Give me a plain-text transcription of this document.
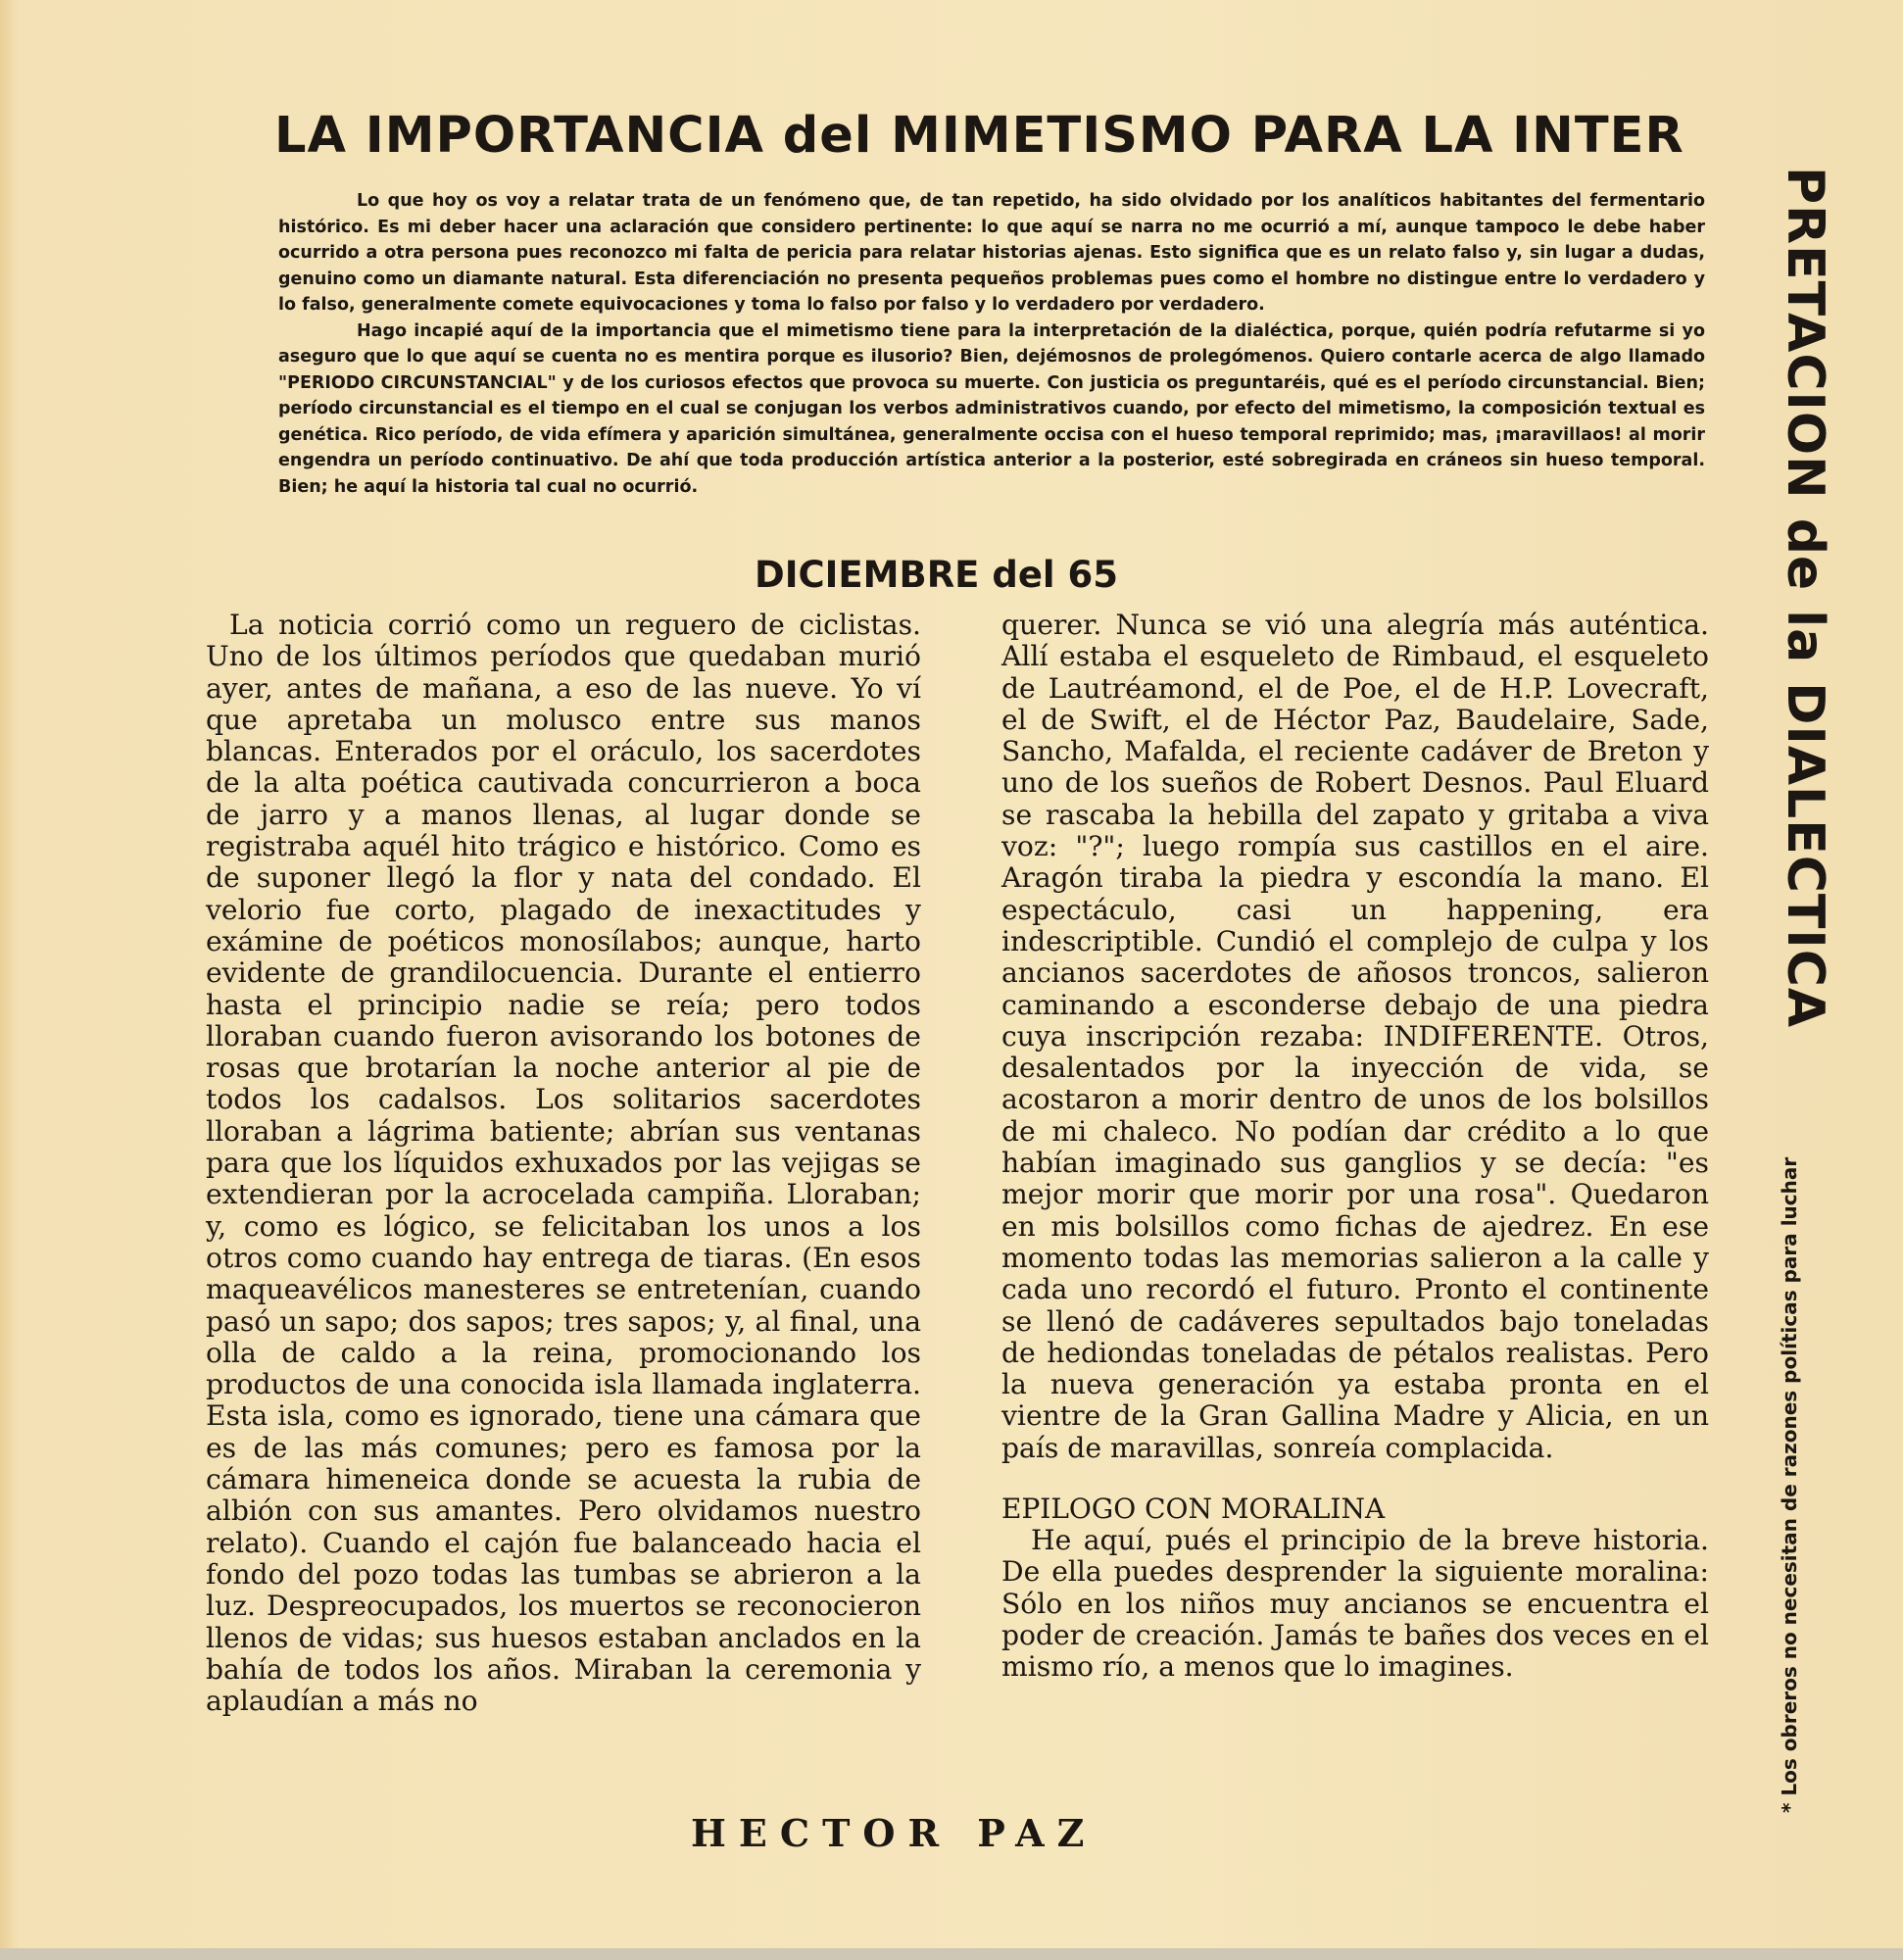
LA IMPORTANCIA del MIMETISMO PARA LA INTER
PRETACION de la DIALECTICA

Lo que hoy os voy a relatar trata de un fenómeno que, de tan repetido, ha sido olvidado por los analíticos habitantes del fermentario histórico. Es mi deber hacer una aclaración que considero pertinente: lo que aquí se narra no me ocurrió a mí, aunque tampoco le debe haber ocurrido a otra persona pues reconozco mi falta de pericia para relatar historias ajenas. Esto significa que es un relato falso y, sin lugar a dudas, genuino como un diamante natural. Esta diferenciación no presenta pequeños problemas pues como el hombre no distingue entre lo verdadero y lo falso, generalmente comete equivocaciones y toma lo falso por falso y lo verdadero por verdadero.

Hago incapié aquí de la importancia que el mimetismo tiene para la interpretación de la dialéctica, porque, quién podría refutarme si yo aseguro que lo que aquí se cuenta no es mentira porque es ilusorio? Bien, dejémosnos de prolegómenos. Quiero contarle acerca de algo llamado "PERIODO CIRCUNSTANCIAL" y de los curiosos efectos que provoca su muerte. Con justicia os preguntaréis, qué es el período circunstancial. Bien; período circunstancial es el tiempo en el cual se conjugan los verbos administrativos cuando, por efecto del mimetismo, la composición textual es genética. Rico período, de vida efímera y aparición simultánea, generalmente occisa con el hueso temporal reprimido; mas, ¡maravillaos! al morir engendra un período continuativo. De ahí que toda producción artística anterior a la posterior, esté sobregirada en cráneos sin hueso temporal. Bien; he aquí la historia tal cual no ocurrió.

DICIEMBRE del 65

La noticia corrió como un reguero de ciclistas. Uno de los últimos períodos que quedaban murió ayer, antes de mañana, a eso de las nueve. Yo ví que apretaba un molusco entre sus manos blancas. Enterados por el oráculo, los sacerdotes de la alta poética cautivada concurrieron a boca de jarro y a manos llenas, al lugar donde se registraba aquél hito trágico e histórico. Como es de suponer llegó la flor y nata del condado. El velorio fue corto, plagado de inexactitudes y exámine de poéticos monosílabos; aunque, harto evidente de grandilocuencia. Durante el entierro hasta el principio nadie se reía; pero todos lloraban cuando fueron avisorando los botones de rosas que brotarían la noche anterior al pie de todos los cadalsos. Los solitarios sacerdotes lloraban a lágrima batiente; abrían sus ventanas para que los líquidos exhuxados por las vejigas se extendieran por la acrocelada campiña. Lloraban; y, como es lógico, se felicitaban los unos a los otros como cuando hay entrega de tiaras. (En esos maqueavélicos manesteres se entretenían, cuando pasó un sapo; dos sapos; tres sapos; y, al final, una olla de caldo a la reina, promocionando los productos de una conocida isla llamada inglaterra. Esta isla, como es ignorado, tiene una cámara que es de las más comunes; pero es famosa por la cámara himeneica donde se acuesta la rubia de albión con sus amantes. Pero olvidamos nuestro relato). Cuando el cajón fue balanceado hacia el fondo del pozo todas las tumbas se abrieron a la luz. Despreocupados, los muertos se reconocieron llenos de vidas; sus huesos estaban anclados en la bahía de todos los años. Miraban la ceremonia y aplaudían a más no

querer. Nunca se vió una alegría más auténtica. Allí estaba el esqueleto de Rimbaud, el esqueleto de Lautréamond, el de Poe, el de H.P. Lovecraft, el de Swift, el de Héctor Paz, Baudelaire, Sade, Sancho, Mafalda, el reciente cadáver de Breton y uno de los sueños de Robert Desnos. Paul Eluard se rascaba la hebilla del zapato y gritaba a viva voz: "?"; luego rompía sus castillos en el aire. Aragón tiraba la piedra y escondía la mano. El espectáculo, casi un happening, era indescriptible. Cundió el complejo de culpa y los ancianos sacerdotes de añosos troncos, salieron caminando a esconderse debajo de una piedra cuya inscripción rezaba: INDIFERENTE. Otros, desalentados por la inyección de vida, se acostaron a morir dentro de unos de los bolsillos de mi chaleco. No podían dar crédito a lo que habían imaginado sus ganglios y se decía: "es mejor morir que morir por una rosa". Quedaron en mis bolsillos como fichas de ajedrez. En ese momento todas las memorias salieron a la calle y cada uno recordó el futuro. Pronto el continente se llenó de cadáveres sepultados bajo toneladas de hediondas toneladas de pétalos realistas. Pero la nueva generación ya estaba pronta en el vientre de la Gran Gallina Madre y Alicia, en un país de maravillas, sonreía complacida.

EPILOGO CON MORALINA

He aquí, pués el principio de la breve historia. De ella puedes desprender la siguiente moralina: Sólo en los niños muy ancianos se encuentra el poder de creación. Jamás te bañes dos veces en el mismo río, a menos que lo imagines.

HECTOR PAZ
* Los obreros no necesitan de razones políticas para luchar
